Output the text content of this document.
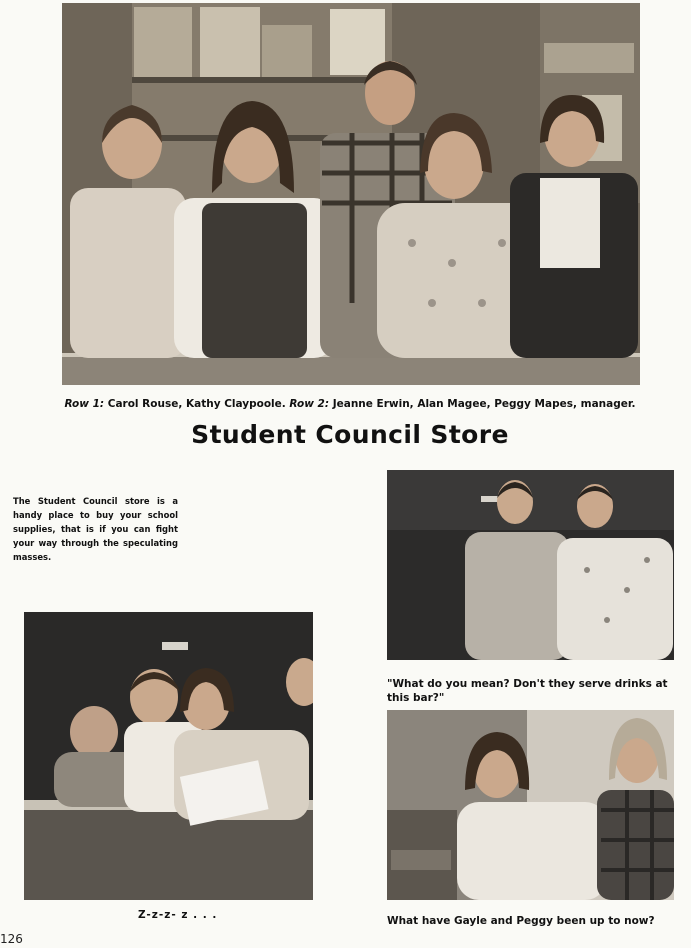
Row 1: Carol Rouse, Kathy Claypoole. Row 2: Jeanne Erwin, Alan Magee, Peggy Mapes, manager.
Student Council Store
The Student Council store is a handy place to buy your school supplies, that is if you can fight your way through the speculating masses.
"What do you mean? Don't they serve drinks at this bar?"
Z-z-z- z . . .	What have Gayle and Peggy been up to now?
126
